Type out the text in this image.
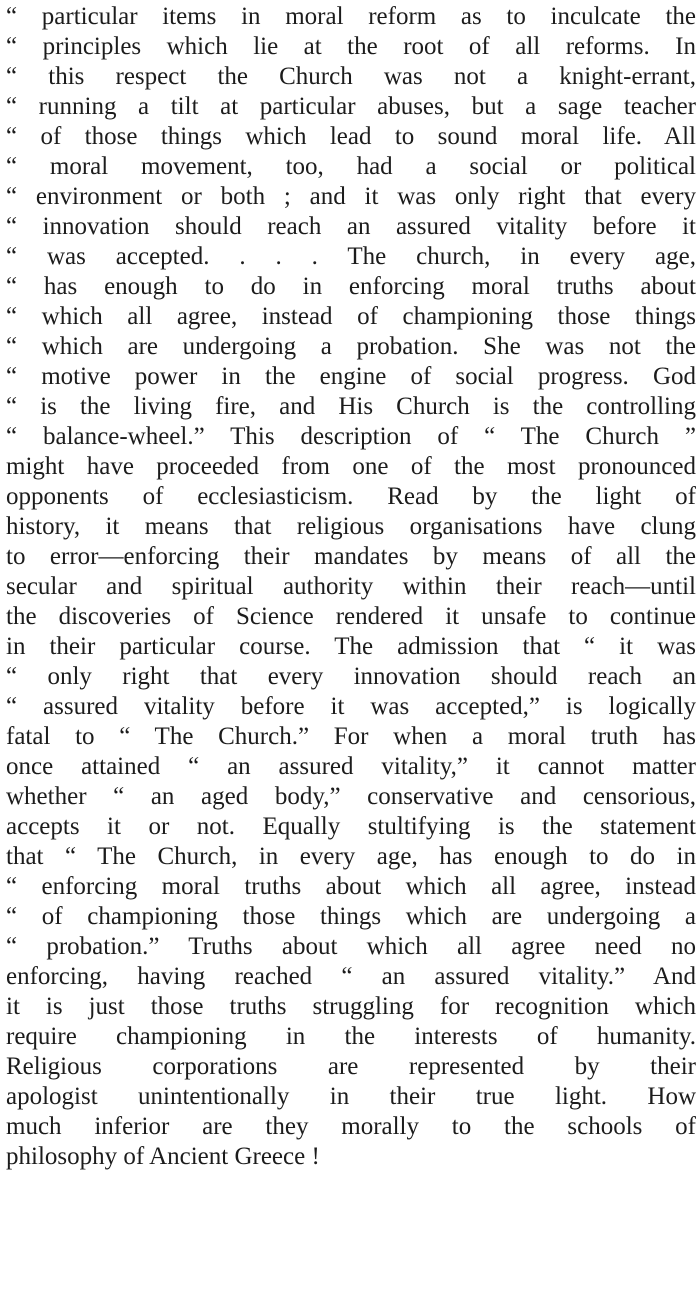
“ particular items in moral reform as to inculcate the
“ principles which lie at the root of all reforms. In
“ this respect the Church was not a knight-errant,
“ running a tilt at particular abuses, but a sage teacher
“ of those things which lead to sound moral life. All
“ moral movement, too, had a social or political
“ environment or both ; and it was only right that every
“ innovation should reach an assured vitality before it
“ was accepted. . . . The church, in every age,
“ has enough to do in enforcing moral truths about
“ which all agree, instead of championing those things
“ which are undergoing a probation. She was not the
“ motive power in the engine of social progress. God
“ is the living fire, and His Church is the controlling
“ balance-wheel.” This description of “ The Church ”
might have proceeded from one of the most pronounced
opponents of ecclesiasticism. Read by the light of
history, it means that religious organisations have clung
to error—enforcing their mandates by means of all the
secular and spiritual authority within their reach—until
the discoveries of Science rendered it unsafe to continue
in their particular course. The admission that “ it was
“ only right that every innovation should reach an
“ assured vitality before it was accepted,” is logically
fatal to “ The Church.” For when a moral truth has
once attained “ an assured vitality,” it cannot matter
whether “ an aged body,” conservative and censorious,
accepts it or not. Equally stultifying is the statement
that “ The Church, in every age, has enough to do in
“ enforcing moral truths about which all agree, instead
“ of championing those things which are undergoing a
“ probation.” Truths about which all agree need no
enforcing, having reached “ an assured vitality.” And
it is just those truths struggling for recognition which
require championing in the interests of humanity.
Religious corporations are represented by their
apologist unintentionally in their true light. How
much inferior are they morally to the schools of
philosophy of Ancient Greece !
